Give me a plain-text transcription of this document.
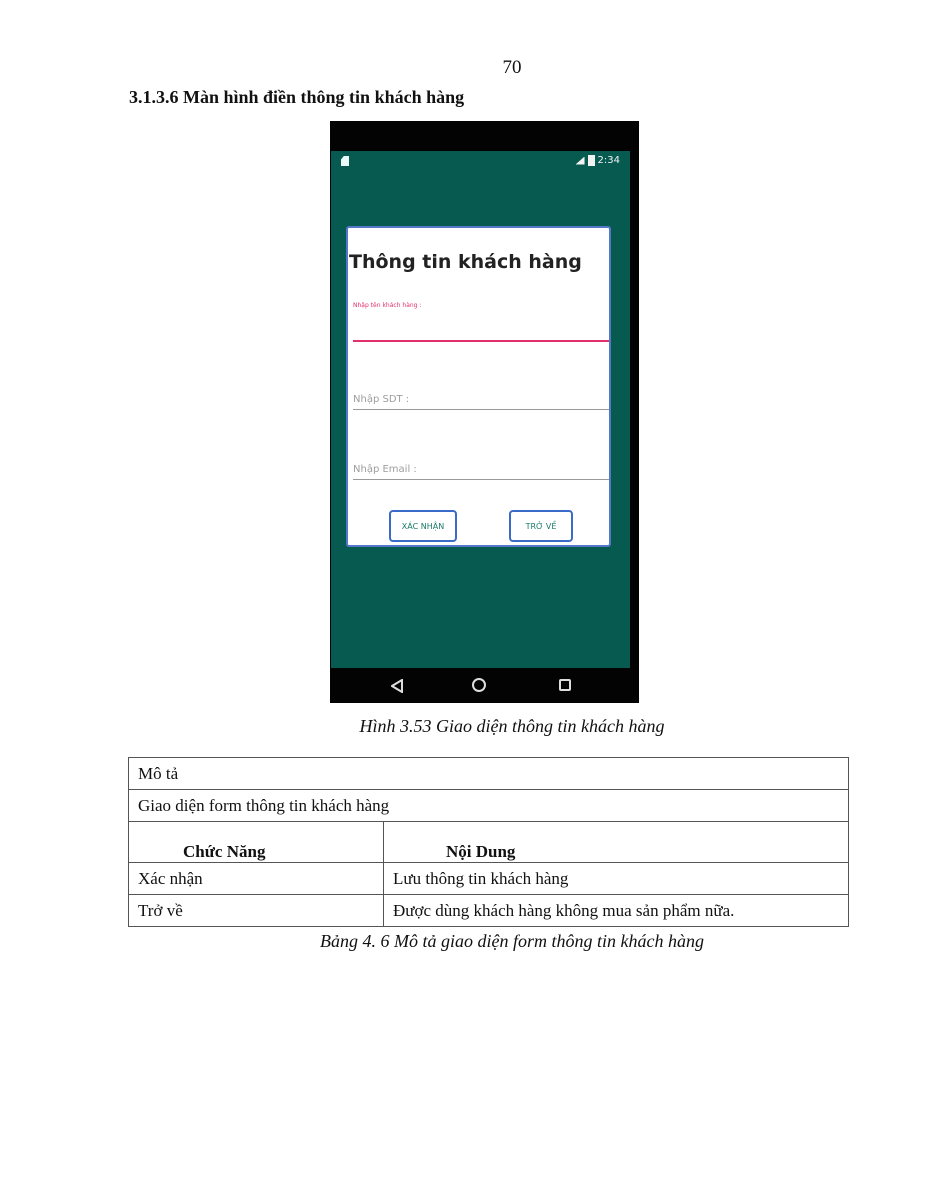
70
3.1.3.6 Màn hình điền thông tin khách hàng
2:34
Thông tin khách hàng
Nhập tên khách hàng :
Nhập SDT :
Nhập Email :
XÁC NHẬN	TRỞ VỀ
Hình 3.53 Giao diện thông tin khách hàng
Mô tả	
Giao diện form thông tin khách hàng	
Chức Năng	Nội Dung
Xác nhận	Lưu thông tin khách hàng
Trở về	Được dùng khách hàng không mua sản phẩm nữa.
Bảng 4. 6 Mô tả giao diện form thông tin khách hàng
